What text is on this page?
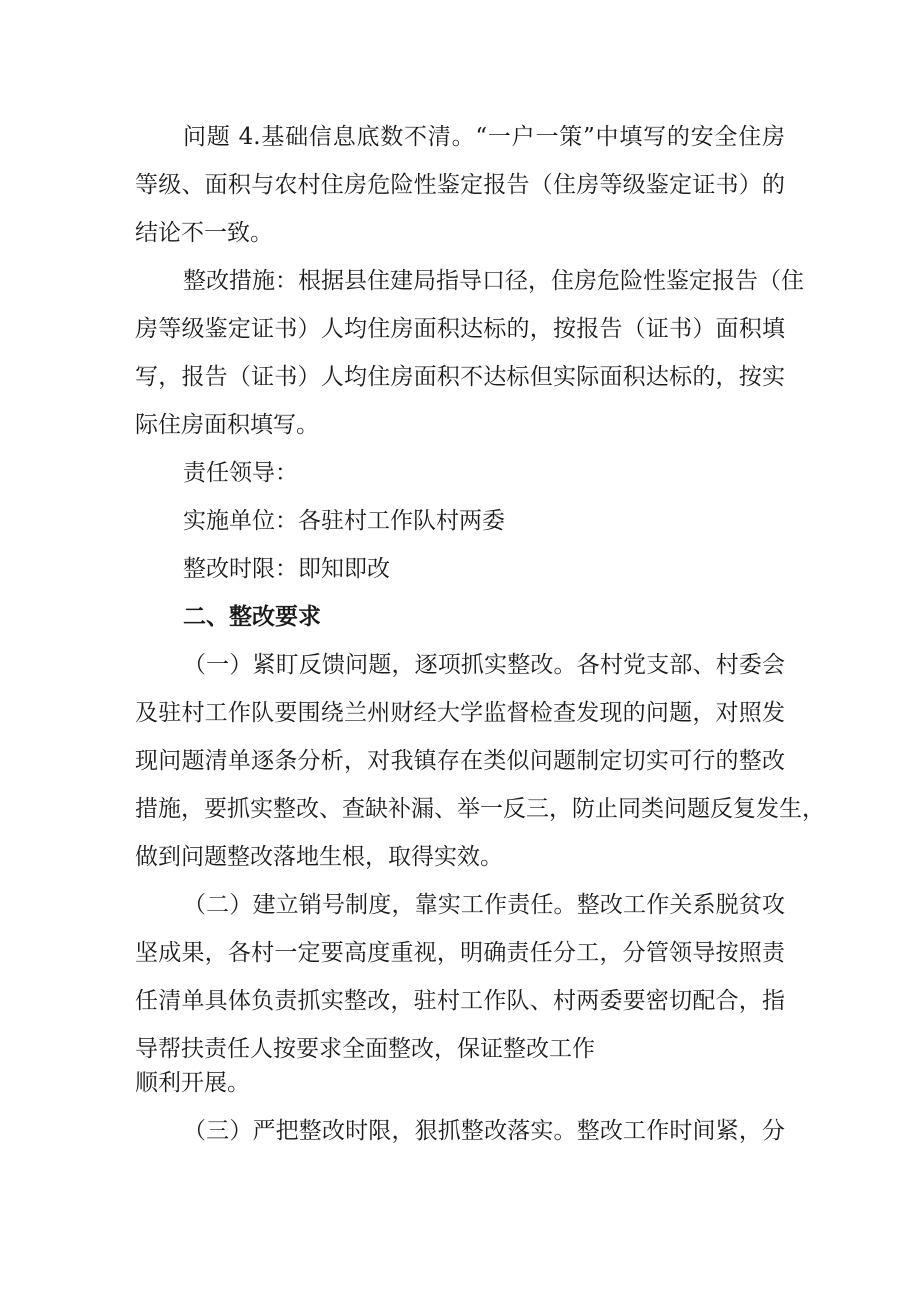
问题 4.基础信息底数不清。“一户一策”中填写的安全住房
等级、面积与农村住房危险性鉴定报告（住房等级鉴定证书）的
结论不一致。
整改措施：根据县住建局指导口径，住房危险性鉴定报告（住
房等级鉴定证书）人均住房面积达标的，按报告（证书）面积填
写，报告（证书）人均住房面积不达标但实际面积达标的，按实
际住房面积填写。
责任领导：
实施单位：各驻村工作队村两委
整改时限：即知即改
二、整改要求
（一）紧盯反馈问题，逐项抓实整改。各村党支部、村委会
及驻村工作队要围绕兰州财经大学监督检查发现的问题，对照发
现问题清单逐条分析，对我镇存在类似问题制定切实可行的整改
措施，要抓实整改、查缺补漏、举一反三，防止同类问题反复发生，
做到问题整改落地生根，取得实效。
（二）建立销号制度，靠实工作责任。整改工作关系脱贫攻
坚成果，各村一定要高度重视，明确责任分工，分管领导按照责
任清单具体负责抓实整改，驻村工作队、村两委要密切配合，指
导帮扶责任人按要求全面整改，保证整改工作
顺利开展。
（三）严把整改时限，狠抓整改落实。整改工作时间紧，分
